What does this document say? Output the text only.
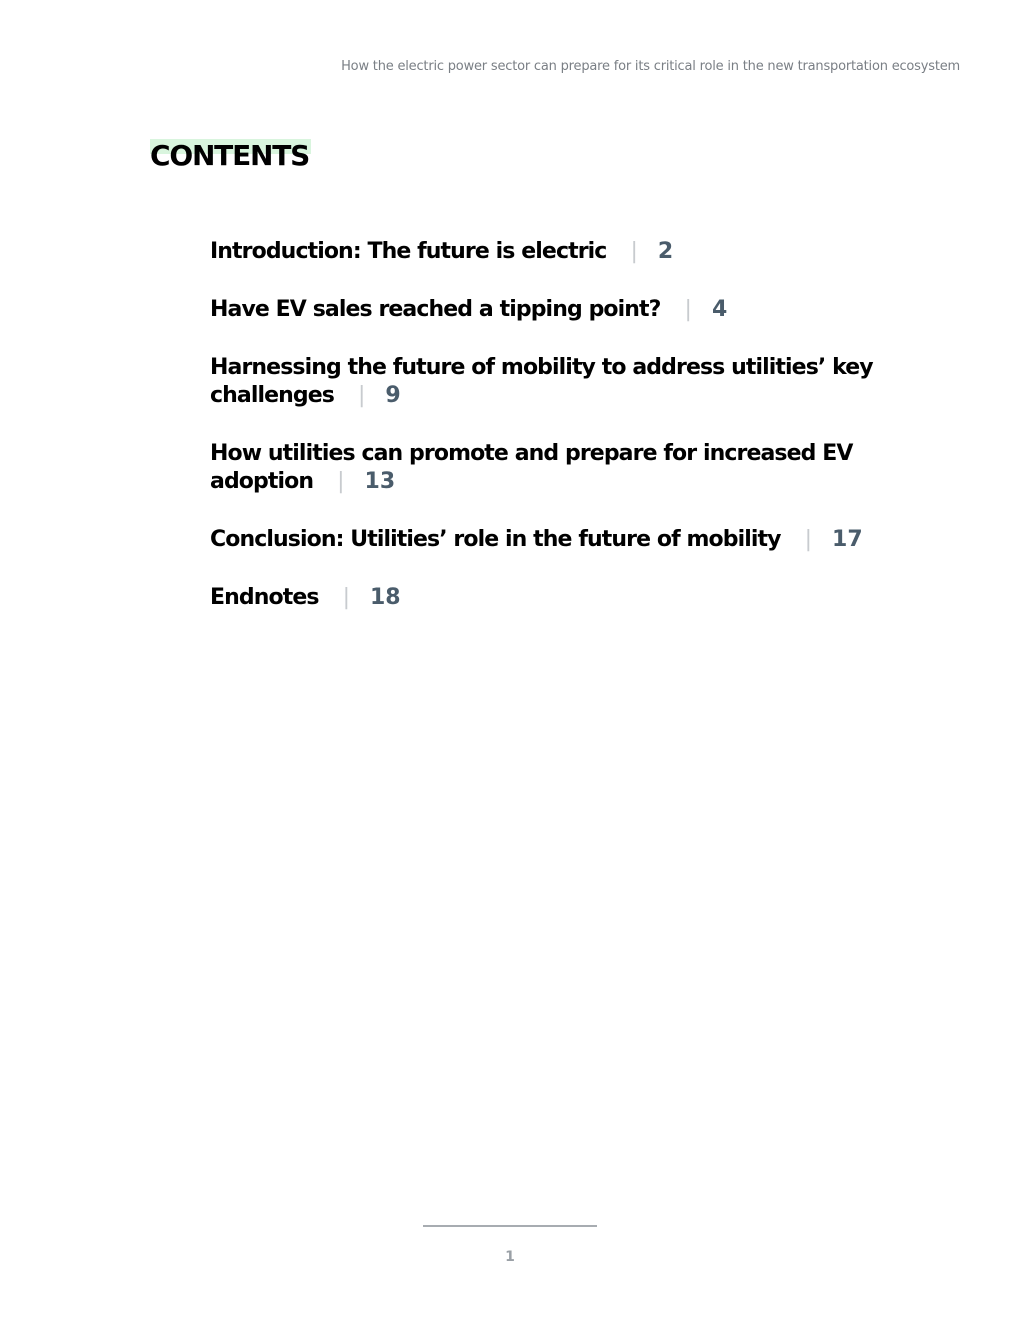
How the electric power sector can prepare for its critical role in the new transportation ecosystem
CONTENTS
Introduction: The future is electric | 2
Have EV sales reached a tipping point? | 4
Harnessing the future of mobility to address utilities’ key challenges | 9
How utilities can promote and prepare for increased EV adoption | 13
Conclusion: Utilities’ role in the future of mobility | 17
Endnotes | 18
1
